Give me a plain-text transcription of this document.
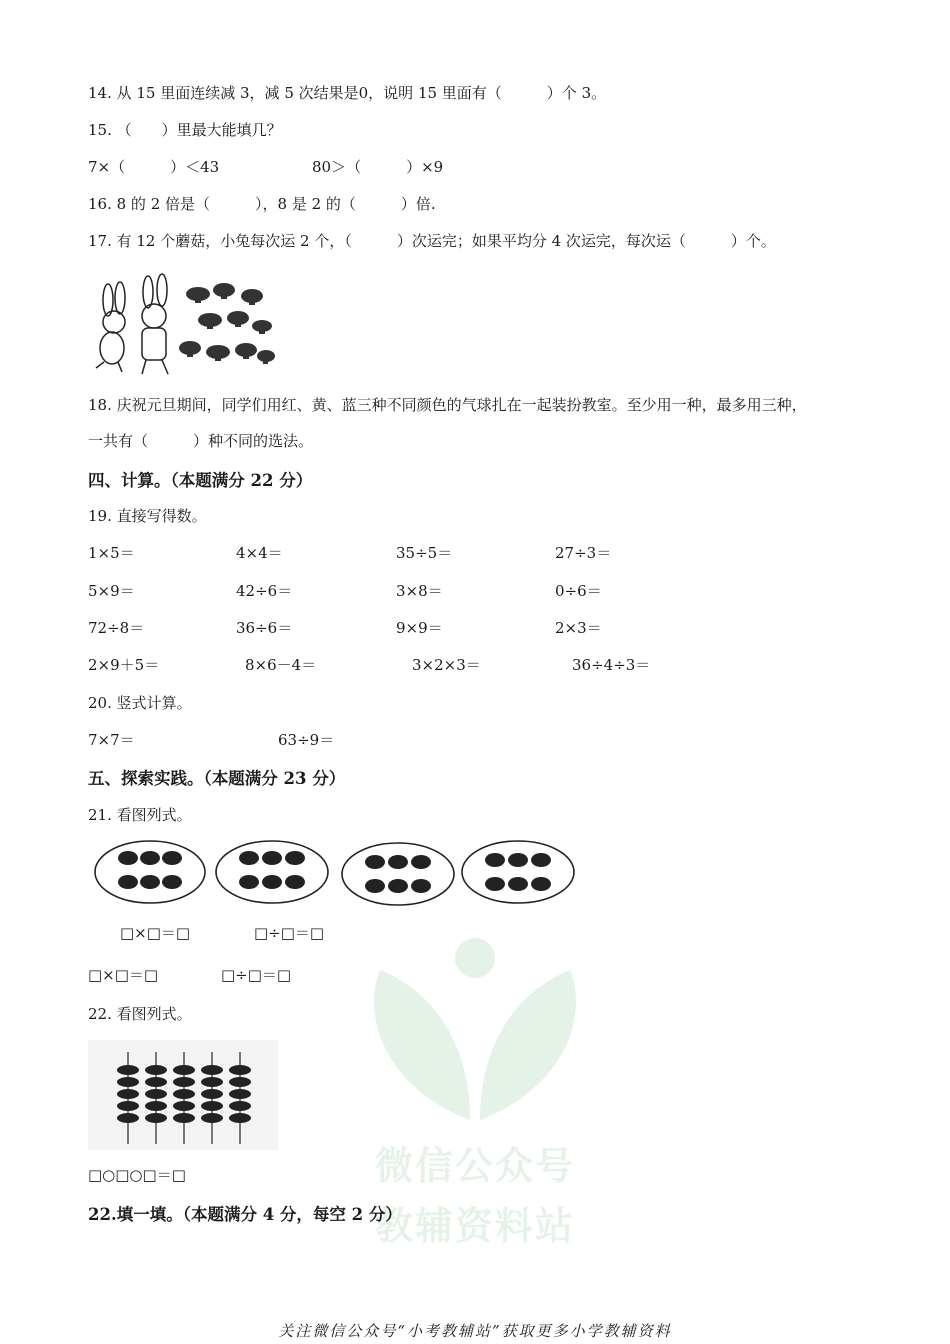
微信公众号
教辅资料站
14. 从 15 里面连续减 3，减 5 次结果是0，说明 15 里面有（　　　）个 3。
15. （　　）里最大能填几？
7×（　　　）＜43	80＞（　　　）×9
16. 8 的 2 倍是（　　　），8 是 2 的（　　　）倍.
17. 有 12 个蘑菇，小兔每次运 2 个，（　　　）次运完；如果平均分 4 次运完，每次运（　　　）个。
18. 庆祝元旦期间，同学们用红、黄、蓝三种不同颜色的气球扎在一起装扮教室。至少用一种，最多用三种，
一共有（　　　）种不同的选法。
四、计算。（本题满分 22 分）
19. 直接写得数。
1×5＝	4×4＝	35÷5＝	27÷3＝
5×9＝	42÷6＝	3×8＝	0÷6＝
72÷8＝	36÷6＝	9×9＝	2×3＝
2×9＋5＝	8×6－4＝	3×2×3＝	36÷4÷3＝
20. 竖式计算。
7×7＝	63÷9＝
五、探索实践。（本题满分 23 分）
21. 看图列式。
□×□＝□	□÷□＝□
□×□＝□	□÷□＝□
22. 看图列式。
□○□○□＝□
22.填一填。（本题满分 4 分，每空 2 分）
关注微信公众号“小考教辅站”获取更多小学教辅资料
